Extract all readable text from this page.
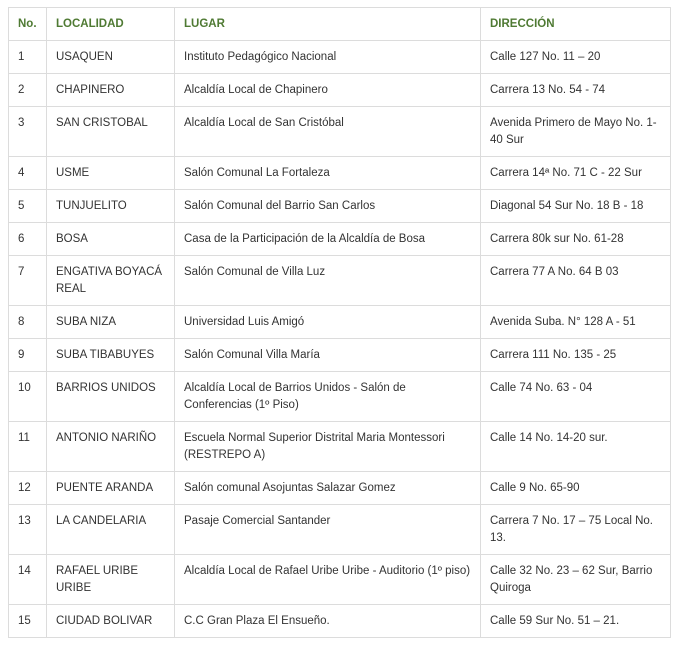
No.	LOCALIDAD	LUGAR	DIRECCIÓN
1	USAQUEN	Instituto Pedagógico Nacional	Calle 127 No. 11 – 20
2	CHAPINERO	Alcaldía Local de Chapinero	Carrera 13 No. 54 - 74
3	SAN CRISTOBAL	Alcaldía Local de San Cristóbal	Avenida Primero de Mayo No. 1-40 Sur
4	USME	Salón Comunal La Fortaleza	Carrera 14ª No. 71 C - 22 Sur
5	TUNJUELITO	Salón Comunal del Barrio San Carlos	Diagonal 54 Sur No. 18 B - 18
6	BOSA	Casa de la Participación de la Alcaldía de Bosa	Carrera 80k sur No. 61-28
7	ENGATIVA BOYACÁ REAL	Salón Comunal de Villa Luz	Carrera 77 A No. 64 B 03
8	SUBA NIZA	Universidad Luis Amigó	Avenida Suba. N° 128 A - 51
9	SUBA TIBABUYES	Salón Comunal Villa María	Carrera 111 No. 135 - 25
10	BARRIOS UNIDOS	Alcaldía Local de Barrios Unidos - Salón de Conferencias (1º Piso)	Calle 74 No. 63 - 04
11	ANTONIO NARIÑO	Escuela Normal Superior Distrital Maria Montessori (RESTREPO A)	Calle 14 No. 14-20 sur.
12	PUENTE ARANDA	Salón comunal Asojuntas Salazar Gomez	Calle 9 No. 65-90
13	LA CANDELARIA	Pasaje Comercial Santander	Carrera 7 No. 17 – 75 Local No. 13.
14	RAFAEL URIBE URIBE	Alcaldía Local de Rafael Uribe Uribe - Auditorio (1º piso)	Calle 32 No. 23 – 62 Sur, Barrio Quiroga
15	CIUDAD BOLIVAR	C.C Gran Plaza El Ensueño.	Calle 59 Sur No. 51 – 21.
